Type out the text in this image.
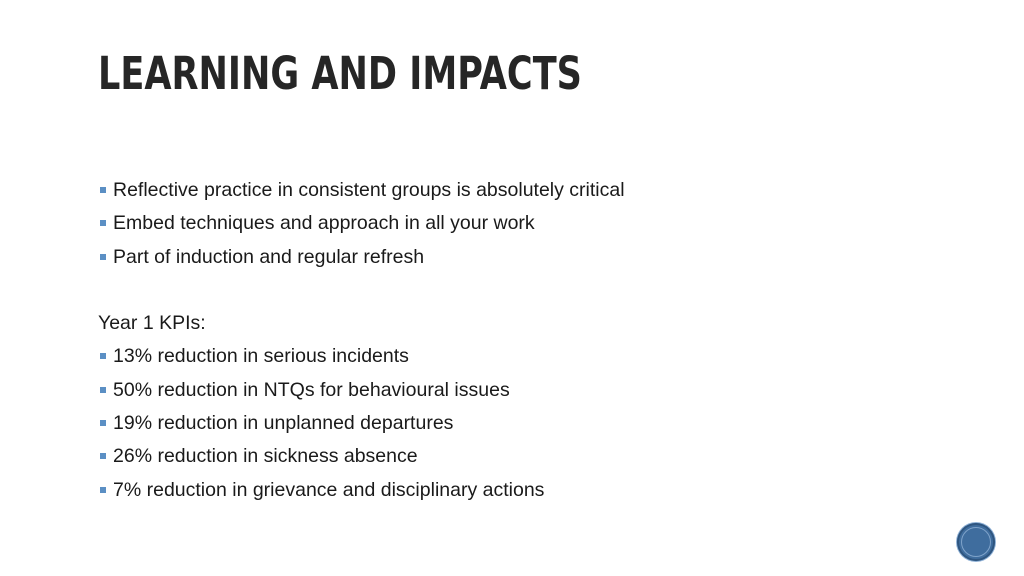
LEARNING AND IMPACTS
Reflective practice in consistent groups is absolutely critical
Embed techniques and approach in all your work
Part of induction and regular refresh
Year 1 KPIs:
13% reduction in serious incidents
50% reduction in NTQs for behavioural issues
19% reduction in unplanned departures
26% reduction in sickness absence
7% reduction in grievance and disciplinary actions
